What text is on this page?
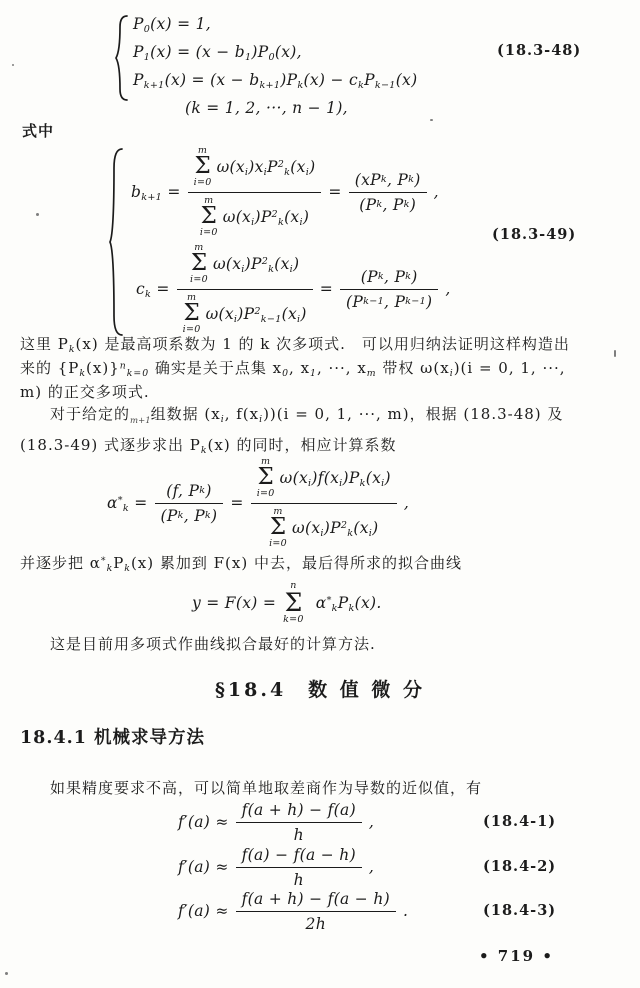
$P_0(x) = 1$,
$P_1(x) = (x - b_1)P_0(x)$,
$P_{k+1}(x) = (x - b_{k+1})P_k(x) - c_kP_{k-1}(x)$
(k = 1, 2, ···, n − 1),
(18.3-48)
式中
$b_{k+1} = m$
Σ
i=0
$\omega(x_i)x_iP^2_k(x_i)$
m
Σ
i=0
$\omega(x_i)P^2_k(x_i) = \frac{\text{(xP k , P k )}}{\text{(P k , P k )}}$ ,
$c_k = m$
Σ
i=0
$\omega(x_i)P^2_k(x_i)$
m
Σ
i=0
$\omega(x_i)P^2_{k-1}(x_i) = \frac{\text{(P k , P k )}}{\text{(P k−1 , P k−1 )}}$ ,
(18.3-49)
这里 $P_k(x)$ 是最高项系数为 1 的 k 次多项式.　可以用归纳法证明这样构造出
来的 $\{P_k(x)\}^n_{k=0}$ 确实是关于点集 $x_0$, $x_1$, ···, $x_m$ 带权 $\omega(x_i)(i = 0$, 1, ···,
m) 的正交多项式.
对于给定的$_{m+1}$组数据 ($x_i$, $f(x_i))(i = 0$, 1, ···, m)，根据 (18.3-48) 及
(18.3-49) 式逐步求出 $P_k(x)$ 的同时，相应计算系数
$\alpha^*_k = \frac{\text{(f, P k )}}{\text{(P k , P k )}}$ =
m
Σ
i=0
$\omega(x_i)f(x_i)P_k(x_i)$
m
Σ
i=0
$\omega(x_i)P^2_k(x_i)$
,
并逐步把 $\alpha^*_kP_k(x)$ 累加到 F(x) 中去，最后得所求的拟合曲线
y = F(x) =
n
Σ
k=0
$\alpha^*_kP_k(x)$.
这是目前用多项式作曲线拟合最好的计算方法.
§18.4　数 值 微 分
18.4.1 机械求导方法
如果精度要求不高，可以简单地取差商作为导数的近似值，有
$f'(a) \approx \frac{f(a + h) - f(a)}{h}$ ,	(18.4-1)
$f'(a) \approx \frac{f(a) - f(a - h)}{h}$ ,	(18.4-2)
$f'(a) \approx \frac{f(a + h) - f(a - h)}{2h}$ .	(18.4-3)
• 719 •
